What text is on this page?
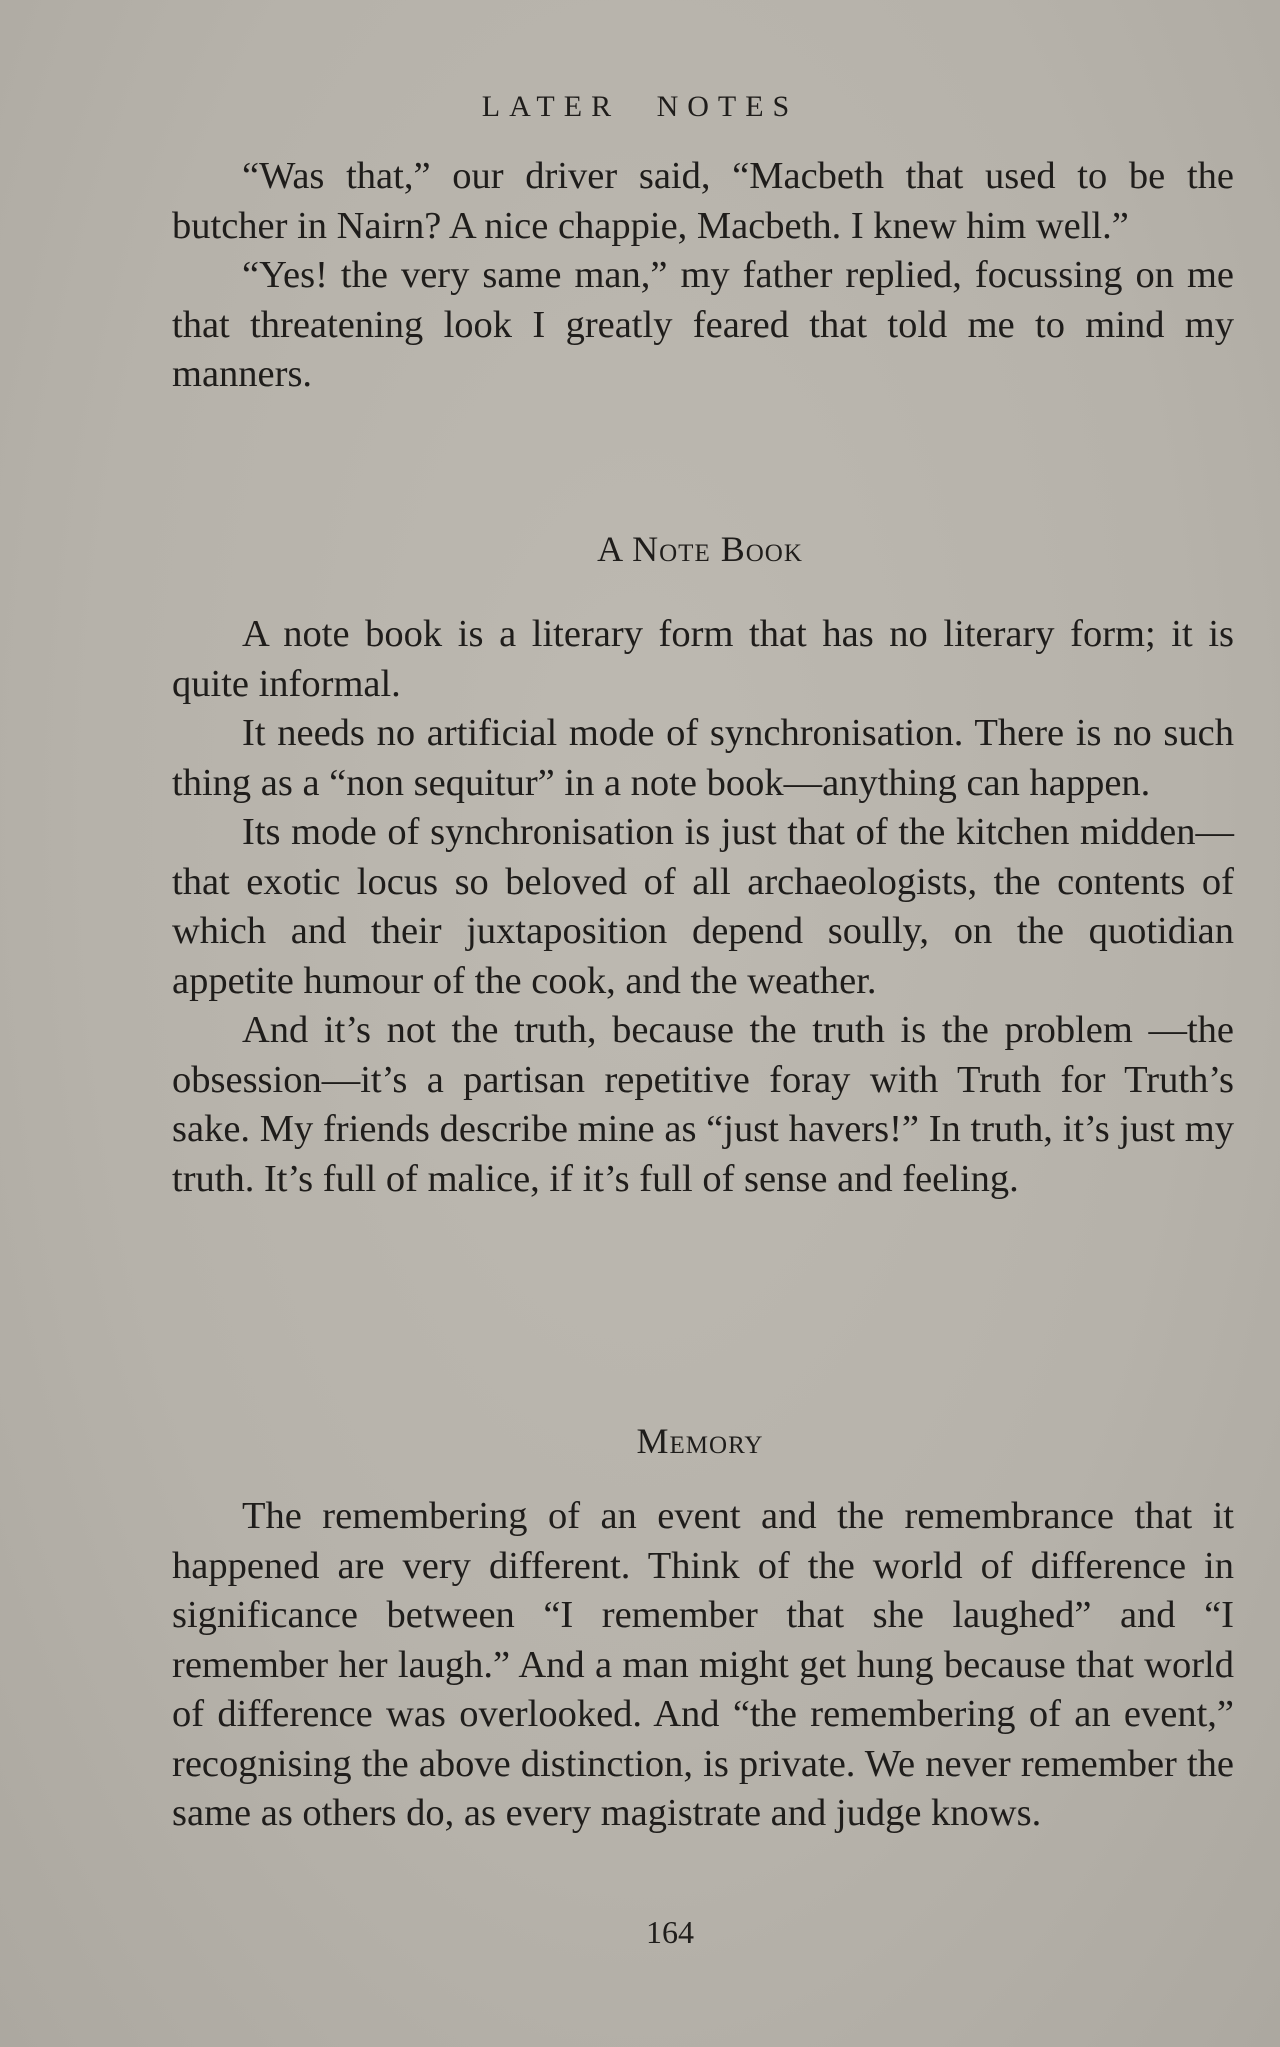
LATER NOTES

“Was that,” our driver said, “Macbeth that used to be the butcher in Nairn? A nice chappie, Macbeth. I knew him well.”

“Yes! the very same man,” my father replied, focussing on me that threatening look I greatly feared that told me to mind my manners.

A Note Book

A note book is a literary form that has no literary form; it is quite informal.

It needs no artificial mode of synchronisation. There is no such thing as a “non sequitur” in a note book—anything can happen.

Its mode of synchronisation is just that of the kitchen midden—that exotic locus so beloved of all archaeologists, the contents of which and their juxtaposition depend soully, on the quotidian appetite humour of the cook, and the weather.

And it’s not the truth, because the truth is the problem —the obsession—it’s a partisan repetitive foray with Truth for Truth’s sake. My friends describe mine as “just havers!” In truth, it’s just my truth. It’s full of malice, if it’s full of sense and feeling.

Memory

The remembering of an event and the remembrance that it happened are very different. Think of the world of difference in significance between “I remember that she laughed” and “I remember her laugh.” And a man might get hung because that world of difference was overlooked. And “the remembering of an event,” recognising the above distinction, is private. We never remember the same as others do, as every magistrate and judge knows.

164
